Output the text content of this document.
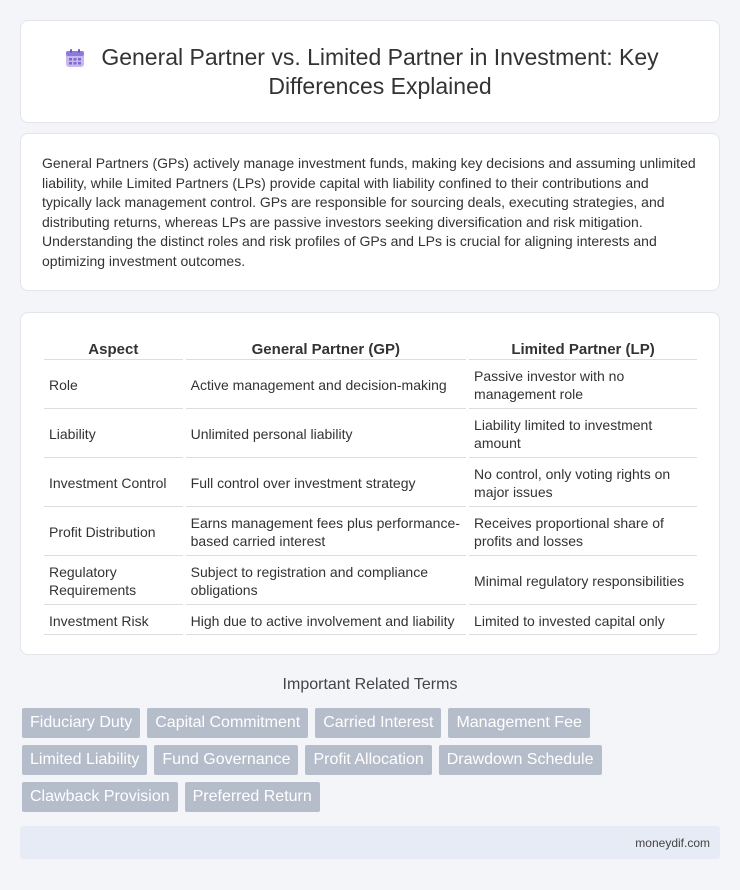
General Partner vs. Limited Partner in Investment: Key Differences Explained

General Partners (GPs) actively manage investment funds, making key decisions and assuming unlimited liability, while Limited Partners (LPs) provide capital with liability confined to their contributions and typically lack management control. GPs are responsible for sourcing deals, executing strategies, and distributing returns, whereas LPs are passive investors seeking diversification and risk mitigation. Understanding the distinct roles and risk profiles of GPs and LPs is crucial for aligning interests and optimizing investment outcomes.

Aspect	General Partner (GP)	Limited Partner (LP)
Role	Active management and decision-making	Passive investor with no management role
Liability	Unlimited personal liability	Liability limited to investment amount
Investment Control	Full control over investment strategy	No control, only voting rights on major issues
Profit Distribution	Earns management fees plus performance-based carried interest	Receives proportional share of profits and losses
Regulatory Requirements	Subject to registration and compliance obligations	Minimal regulatory responsibilities
Investment Risk	High due to active involvement and liability	Limited to invested capital only
Important Related Terms
Fiduciary Duty	Capital Commitment	Carried Interest	Management Fee
Limited Liability	Fund Governance	Profit Allocation	Drawdown Schedule
Clawback Provision	Preferred Return
moneydif.com
